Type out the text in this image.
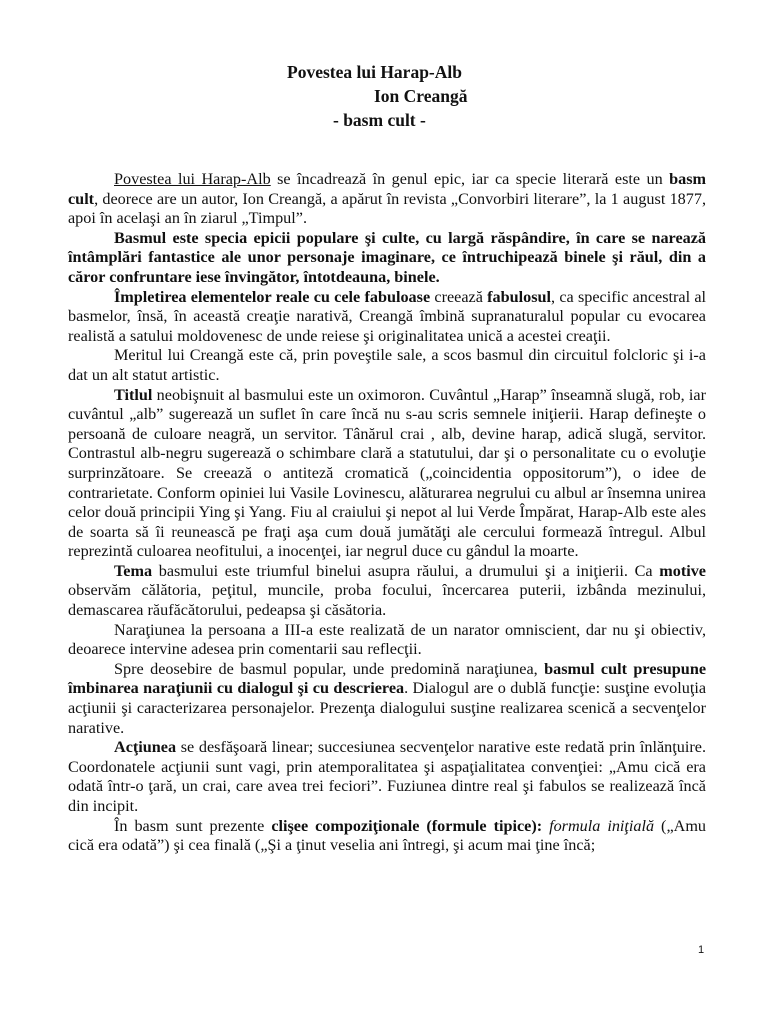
Povestea lui Harap-Alb
Ion Creangă
- basm cult -

Povestea lui Harap-Alb se încadrează în genul epic, iar ca specie literară este un basm cult, deorece are un autor, Ion Creangă, a apărut în revista „Convorbiri literare”, la 1 august 1877, apoi în acelaşi an în ziarul „Timpul”.

Basmul este specia epicii populare şi culte, cu largă răspândire, în care se narează întâmplări fantastice ale unor personaje imaginare, ce întruchipează binele şi răul, din a căror confruntare iese învingător, întotdeauna, binele.

Împletirea elementelor reale cu cele fabuloase creează fabulosul, ca specific ancestral al basmelor, însă, în această creaţie narativă, Creangă îmbină supranaturalul popular cu evocarea realistă a satului moldovenesc de unde reiese şi originalitatea unică a acestei creaţii.

Meritul lui Creangă este că, prin poveştile sale, a scos basmul din circuitul folcloric şi i-a dat un alt statut artistic.

Titlul neobişnuit al basmului este un oximoron. Cuvântul „Harap” înseamnă slugă, rob, iar cuvântul „alb” sugerează un suflet în care încă nu s-au scris semnele iniţierii. Harap defineşte o persoană de culoare neagră, un servitor. Tânărul crai , alb, devine harap, adică slugă, servitor. Contrastul alb-negru sugerează o schimbare clară a statutului, dar şi o personalitate cu o evoluţie surprinzătoare. Se creează o antiteză cromatică („coincidentia oppositorum”), o idee de contrarietate. Conform opiniei lui Vasile Lovinescu, alăturarea negrului cu albul ar însemna unirea celor două principii Ying şi Yang. Fiu al craiului şi nepot al lui Verde Împărat, Harap-Alb este ales de soarta să îi reunească pe fraţi aşa cum două jumătăţi ale cercului formează întregul. Albul reprezintă culoarea neofitului, a inocenţei, iar negrul duce cu gândul la moarte.

Tema basmului este triumful binelui asupra răului, a drumului şi a iniţierii. Ca motive observăm călătoria, peţitul, muncile, proba focului, încercarea puterii, izbânda mezinului, demascarea răufăcătorului, pedeapsa şi căsătoria.

Naraţiunea la persoana a III-a este realizată de un narator omniscient, dar nu şi obiectiv, deoarece intervine adesea prin comentarii sau reflecţii.

Spre deosebire de basmul popular, unde predomină naraţiunea, basmul cult presupune îmbinarea naraţiunii cu dialogul şi cu descrierea. Dialogul are o dublă funcţie: susţine evoluţia acţiunii şi caracterizarea personajelor. Prezenţa dialogului susţine realizarea scenică a secvenţelor narative.

Acţiunea se desfăşoară linear; succesiunea secvenţelor narative este redată prin înlănţuire. Coordonatele acţiunii sunt vagi, prin atemporalitatea şi aspaţialitatea convenţiei: „Amu cică era odată într-o ţară, un crai, care avea trei feciori”. Fuziunea dintre real şi fabulos se realizează încă din incipit.

În basm sunt prezente clişee compoziţionale (formule tipice): formula iniţială („Amu cică era odată”) şi cea finală („Şi a ţinut veselia ani întregi, şi acum mai ţine încă;

1
